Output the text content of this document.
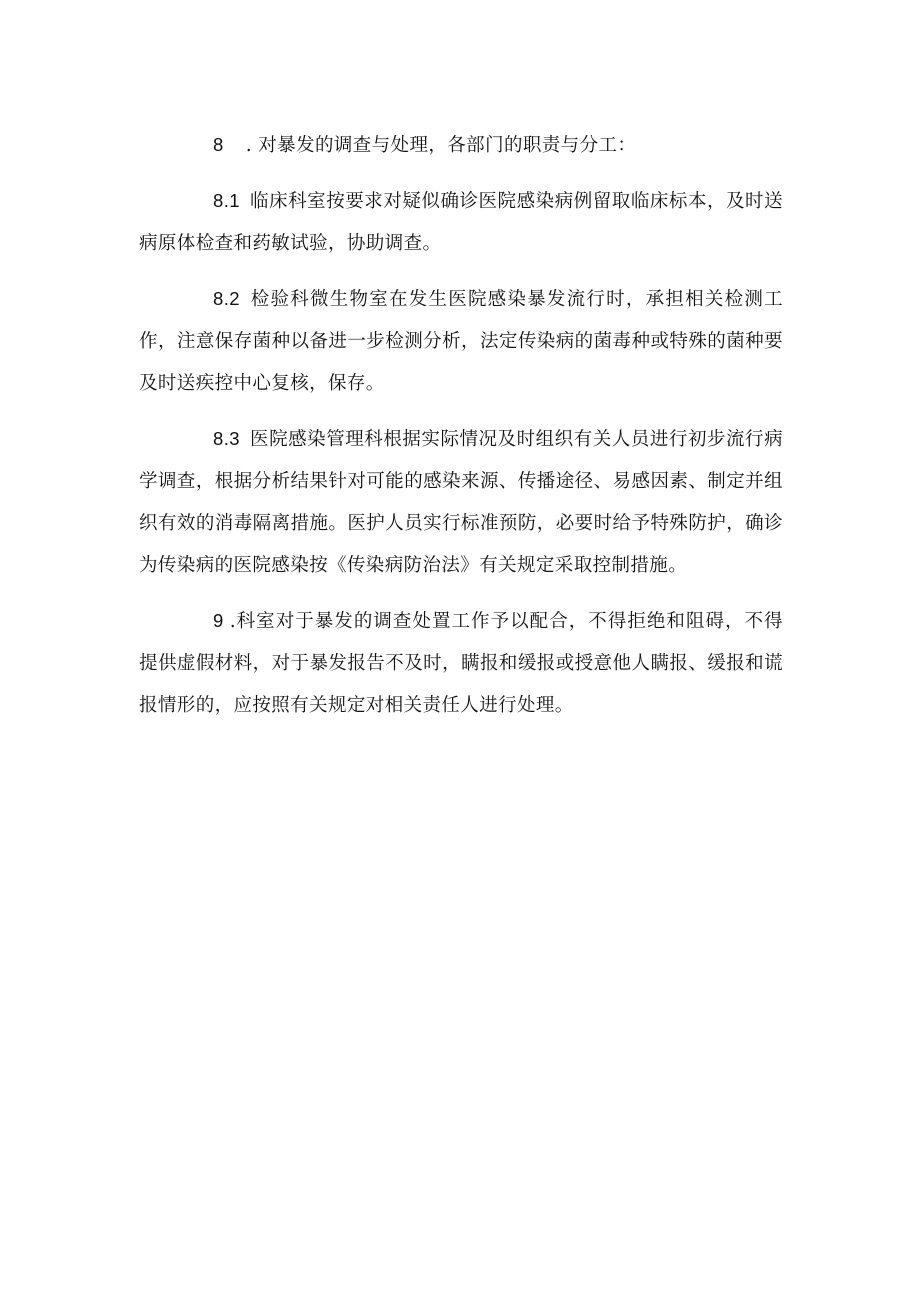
8 . 对暴发的调查与处理，各部门的职责与分工：

8.1 临床科室按要求对疑似确诊医院感染病例留取临床标本，及时送病原体检查和药敏试验，协助调查。

8.2 检验科微生物室在发生医院感染暴发流行时，承担相关检测工作，注意保存菌种以备进一步检测分析，法定传染病的菌毒种或特殊的菌种要及时送疾控中心复核，保存。

8.3 医院感染管理科根据实际情况及时组织有关人员进行初步流行病学调查，根据分析结果针对可能的感染来源、传播途径、易感因素、制定并组织有效的消毒隔离措施。医护人员实行标准预防，必要时给予特殊防护，确诊为传染病的医院感染按《传染病防治法》有关规定采取控制措施。

9 .科室对于暴发的调查处置工作予以配合，不得拒绝和阻碍，不得提供虚假材料，对于暴发报告不及时，瞒报和缓报或授意他人瞒报、缓报和谎报情形的，应按照有关规定对相关责任人进行处理。
